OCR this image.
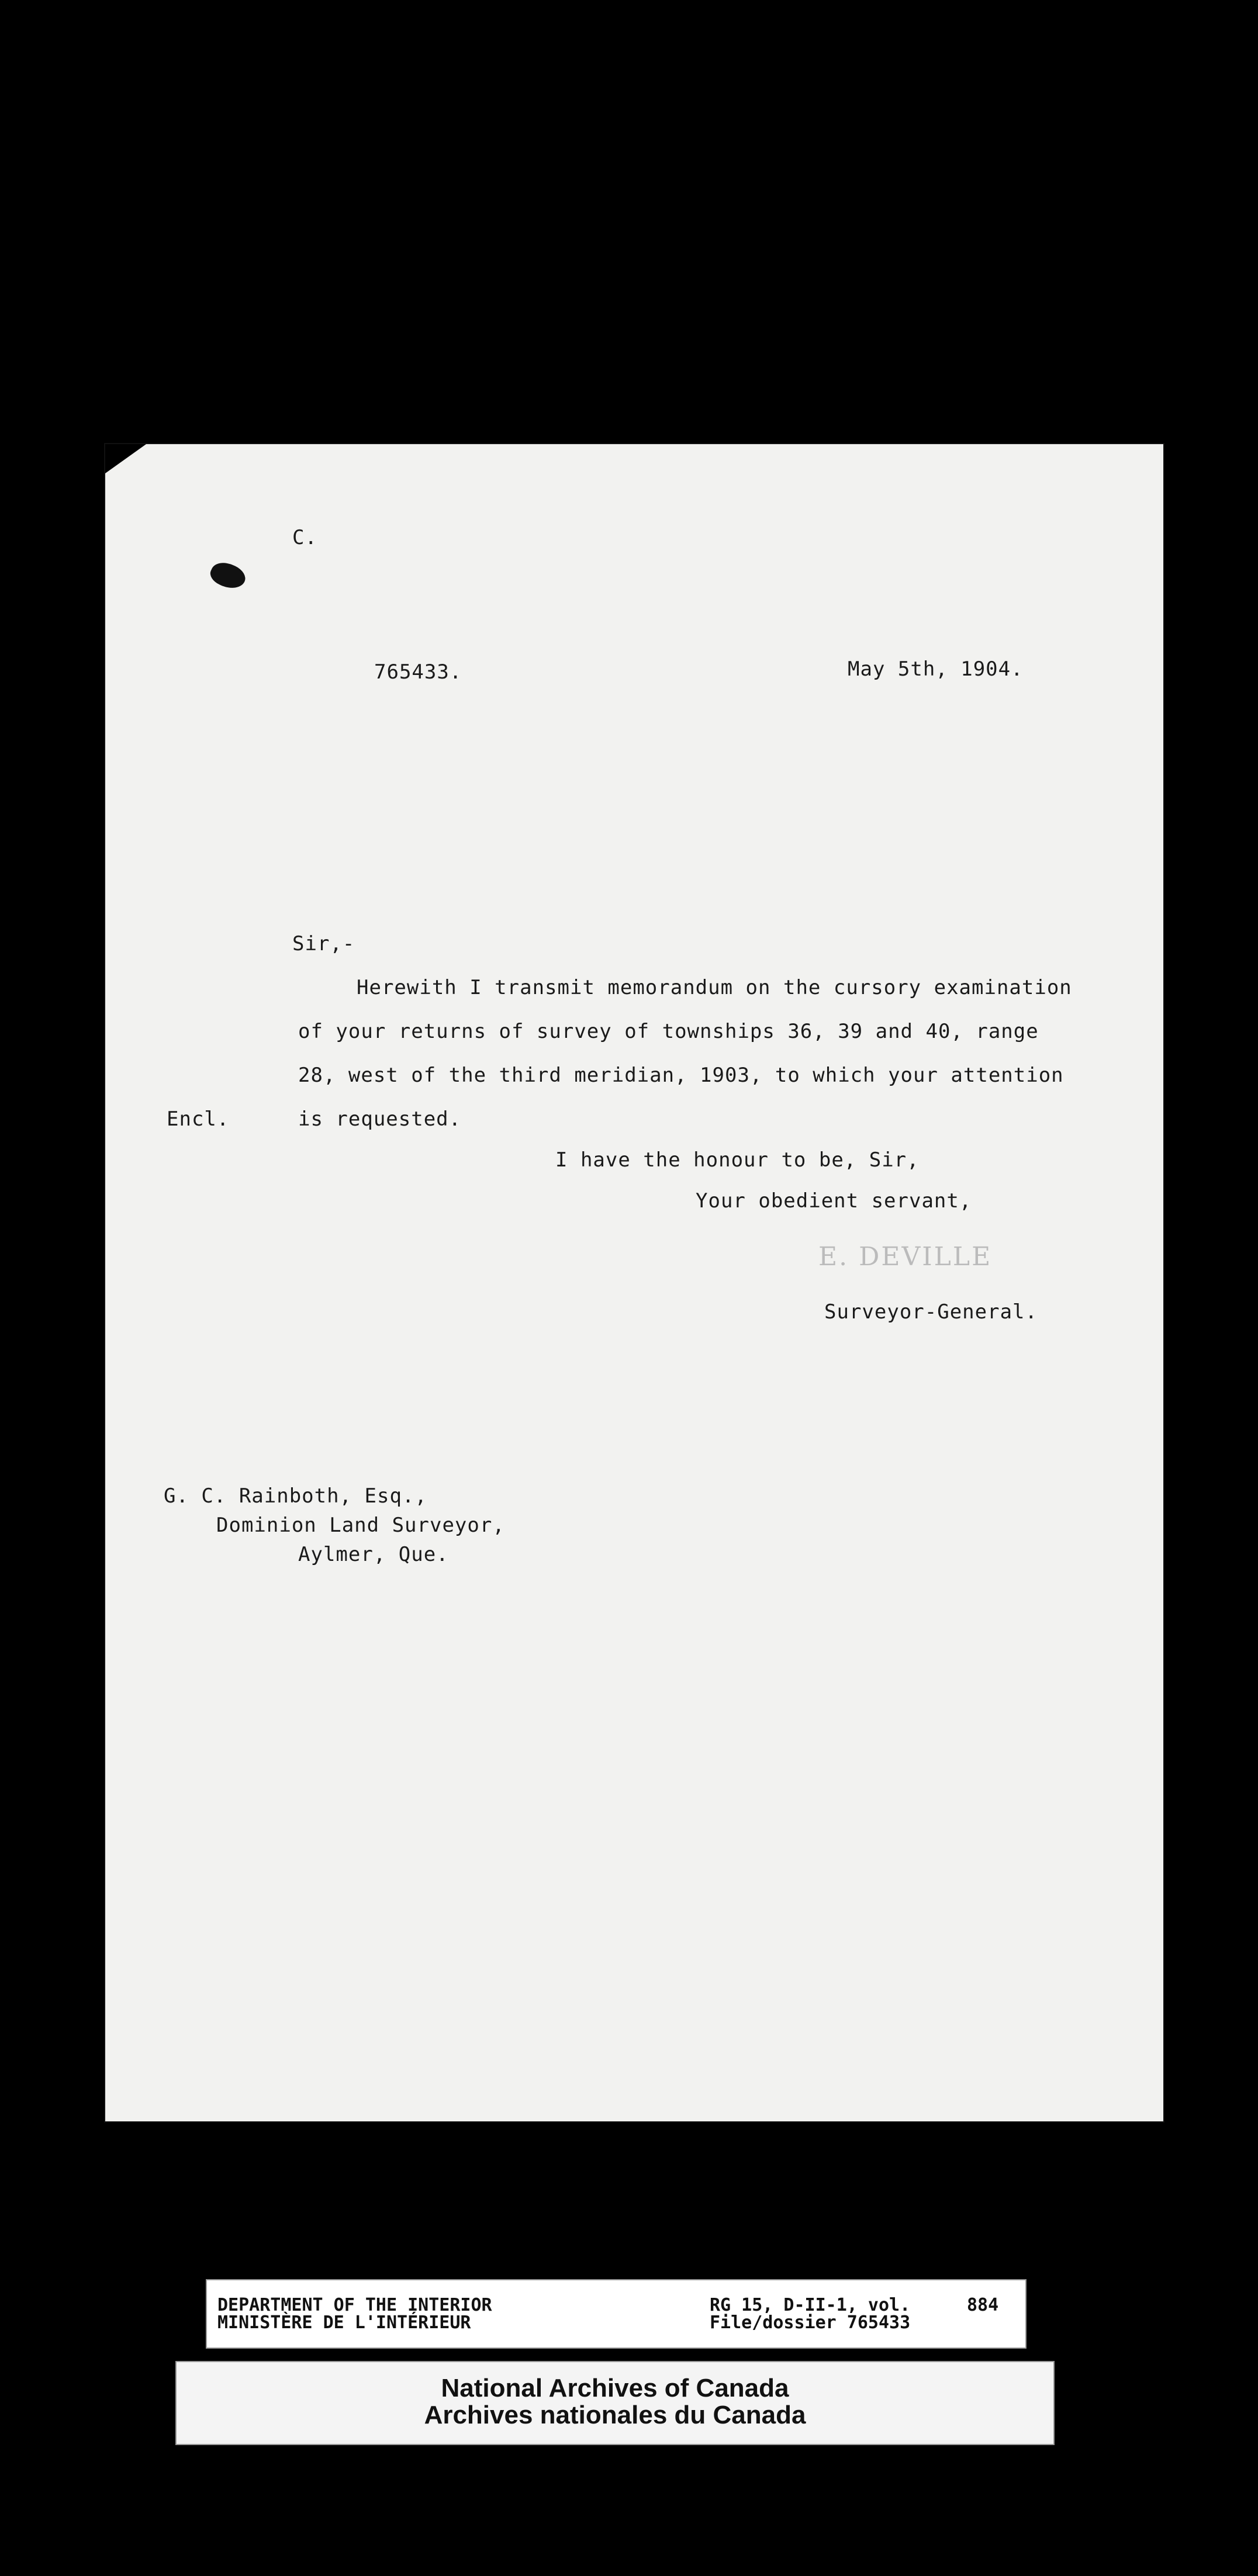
C.
765433.	May 5th, 1904.
Sir,-
Herewith I transmit memorandum on the cursory examination
of your returns of survey of townships 36, 39 and 40, range
28, west of the third meridian, 1903, to which your attention
is requested.
Encl.
I have the honour to be, Sir,
Your obedient servant,
E. DEVILLE
Surveyor-General.
G. C. Rainboth, Esq.,
Dominion Land Surveyor,
Aylmer, Que.
DEPARTMENT OF THE INTERIOR
MINISTÈRE DE L'INTÉRIEUR
RG 15, D-II-1, vol.	884
File/dossier 765433
National Archives of Canada
Archives nationales du Canada
